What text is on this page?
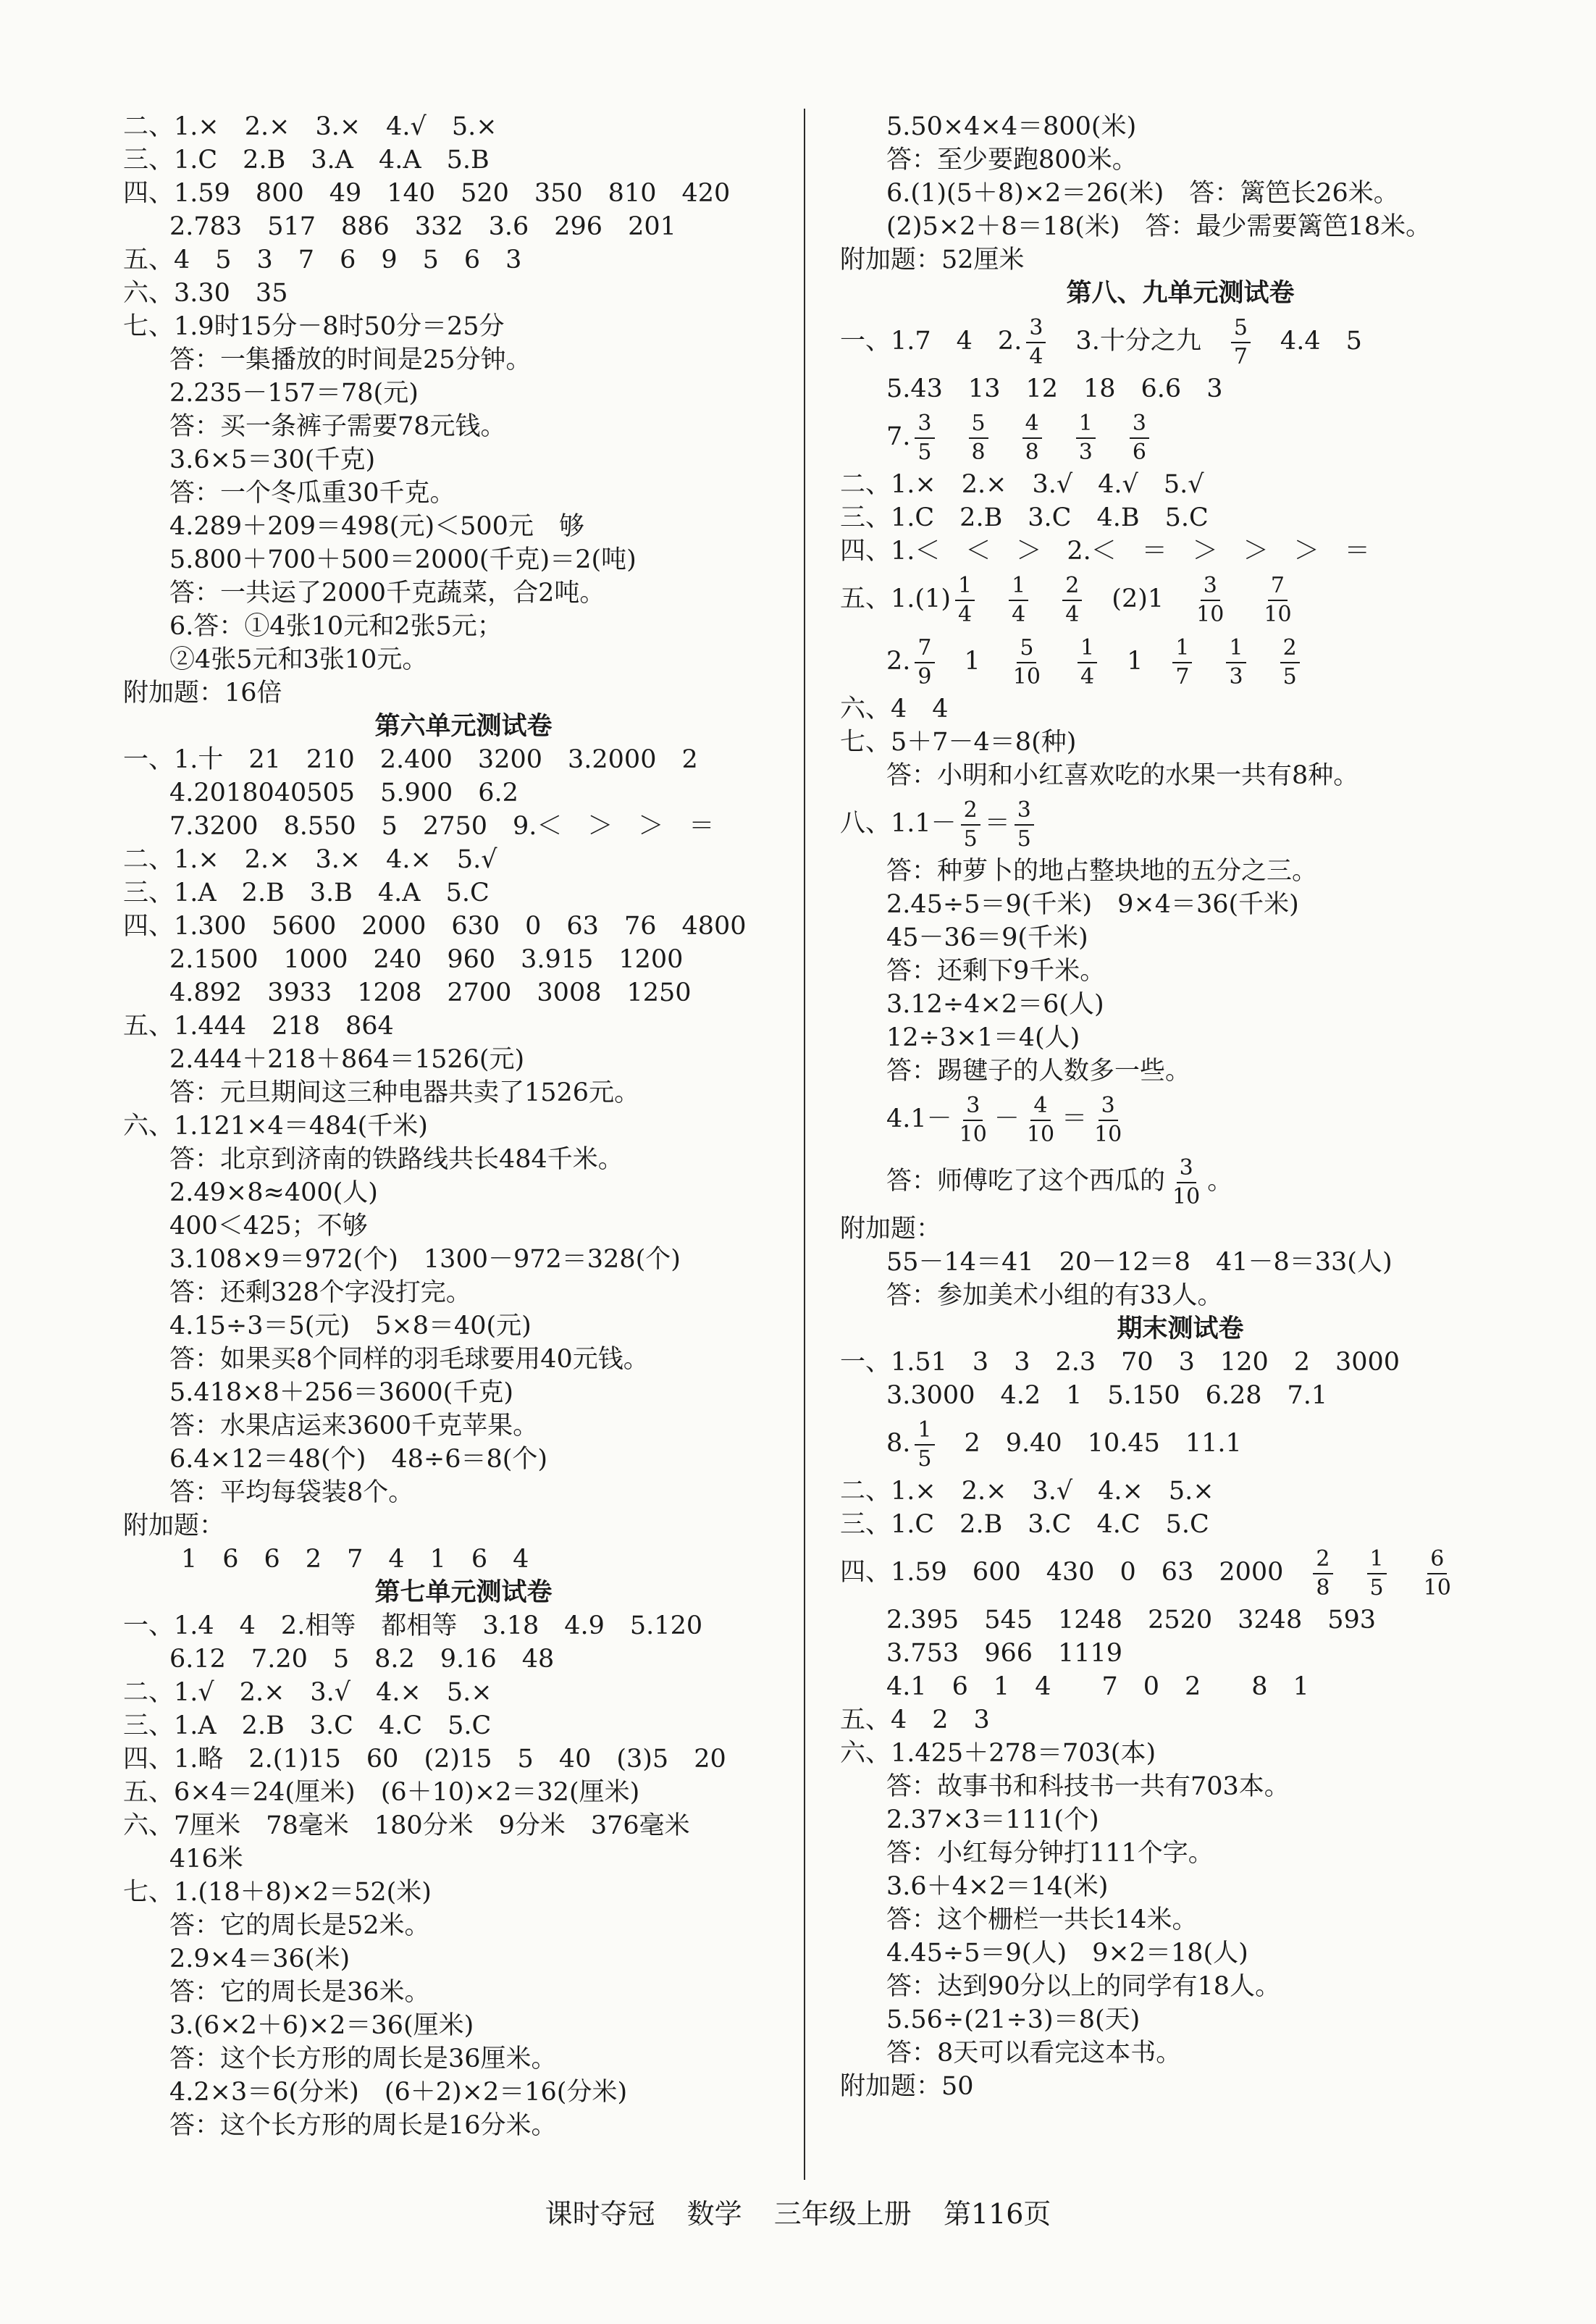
二、1.×　2.×　3.×　4.√　5.×
三、1.C　2.B　3.A　4.A　5.B
四、1.59　800　49　140　520　350　810　420
2.783　517　886　332　3.6　296　201
五、4　5　3　7　6　9　5　6　3
六、3.30　35
七、1.9时15分－8时50分＝25分
答：一集播放的时间是25分钟。
2.235－157＝78(元)
答：买一条裤子需要78元钱。
3.6×5＝30(千克)
答：一个冬瓜重30千克。
4.289＋209＝498(元)＜500元　够
5.800＋700＋500＝2000(千克)＝2(吨)
答：一共运了2000千克蔬菜，合2吨。
6.答：①4张10元和2张5元；
②4张5元和3张10元。
附加题：16倍
第六单元测试卷
一、1.十　21　210　2.400　3200　3.2000　2
4.2018040505　5.900　6.2
7.3200　8.550　5　2750　9.＜　＞　＞　＝
二、1.×　2.×　3.×　4.×　5.√
三、1.A　2.B　3.B　4.A　5.C
四、1.300　5600　2000　630　0　63　76　4800
2.1500　1000　240　960　3.915　1200
4.892　3933　1208　2700　3008　1250
五、1.444　218　864
2.444＋218＋864＝1526(元)
答：元旦期间这三种电器共卖了1526元。
六、1.121×4＝484(千米)
答：北京到济南的铁路线共长484千米。
2.49×8≈400(人)
400＜425；不够
3.108×9＝972(个)　1300－972＝328(个)
答：还剩328个字没打完。
4.15÷3＝5(元)　5×8＝40(元)
答：如果买8个同样的羽毛球要用40元钱。
5.418×8＋256＝3600(千克)
答：水果店运来3600千克苹果。
6.4×12＝48(个)　48÷6＝8(个)
答：平均每袋装8个。
附加题：
1　6　6　2　7　4　1　6　4
第七单元测试卷
一、1.4　4　2.相等　都相等　3.18　4.9　5.120
6.12　7.20　5　8.2　9.16　48
二、1.√　2.×　3.√　4.×　5.×
三、1.A　2.B　3.C　4.C　5.C
四、1.略　2.(1)15　60　(2)15　5　40　(3)5　20
五、6×4＝24(厘米)　(6＋10)×2＝32(厘米)
六、7厘米　78毫米　180分米　9分米　376毫米
416米
七、1.(18＋8)×2＝52(米)
答：它的周长是52米。
2.9×4＝36(米)
答：它的周长是36米。
3.(6×2＋6)×2＝36(厘米)
答：这个长方形的周长是36厘米。
4.2×3＝6(分米)　(6＋2)×2＝16(分米)
答：这个长方形的周长是16分米。
5.50×4×4＝800(米)
答：至少要跑800米。
6.(1)(5＋8)×2＝26(米)　答：篱笆长26米。
(2)5×2＋8＝18(米)　答：最少需要篱笆18米。
附加题：52厘米
第八、九单元测试卷
一、1.7　4　2. $\frac{3}{4}$ 　3.十分之九　 $\frac{5}{7}$ 　4.4　5
5.43　13　12　18　6.6　3
7. $\frac{3}{5}$
　 $\frac{5}{8}$
　 $\frac{4}{8}$
　 $\frac{1}{3}$
　 $\frac{3}{6}$
二、1.×　2.×　3.√　4.√　5.√
三、1.C　2.B　3.C　4.B　5.C
四、1.＜　＜　＞　2.＜　＝　＞　＞　＞　＝
五、$1.(1) \frac{1}{4}$
　 $\frac{1}{4}$
　 $\frac{2}{4}$ 　(2)1　 $\frac{3}{10}$
　 $\frac{7}{10}$
2. $\frac{7}{9}$ 　1　 $\frac{5}{10}$
　 $\frac{1}{4}$ 　1　 $\frac{1}{7}$
　 $\frac{1}{3}$
　 $\frac{2}{5}$
六、4　4
七、5＋7－4＝8(种)
答：小明和小红喜欢吃的水果一共有8种。
八、$1.1- \frac{2}{5} = \frac{3}{5}$
答：种萝卜的地占整块地的五分之三。
2.45÷5＝9(千米)　9×4＝36(千米)
45－36＝9(千米)
答：还剩下9千米。
3.12÷4×2＝6(人)
12÷3×1＝4(人)
答：踢毽子的人数多一些。
$4.1- \frac{3}{10} - \frac{4}{10} = \frac{3}{10}$
答：师傅吃了这个西瓜的 $\frac{3}{10}$ 。
附加题：
55－14＝41　20－12＝8　41－8＝33(人)
答：参加美术小组的有33人。
期末测试卷
一、1.51　3　3　2.3　70　3　120　2　3000
3.3000　4.2　1　5.150　6.28　7.1
8. $\frac{1}{5}$ 　2　9.40　10.45　11.1
二、1.×　2.×　3.√　4.×　5.×
三、1.C　2.B　3.C　4.C　5.C
四、1.59　600　430　0　63　2000　 $\frac{2}{8}$
　 $\frac{1}{5}$
　 $\frac{6}{10}$
2.395　545　1248　2520　3248　593
3.753　966　1119
4.1　6　1　4　　7　0　2　　8　1
五、4　2　3
六、1.425＋278＝703(本)
答：故事书和科技书一共有703本。
2.37×3＝111(个)
答：小红每分钟打111个字。
3.6＋4×2＝14(米)
答：这个栅栏一共长14米。
4.45÷5＝9(人)　9×2＝18(人)
答：达到90分以上的同学有18人。
5.56÷(21÷3)＝8(天)
答：8天可以看完这本书。
附加题：50
课时夺冠 数学 三年级上册 第116页
